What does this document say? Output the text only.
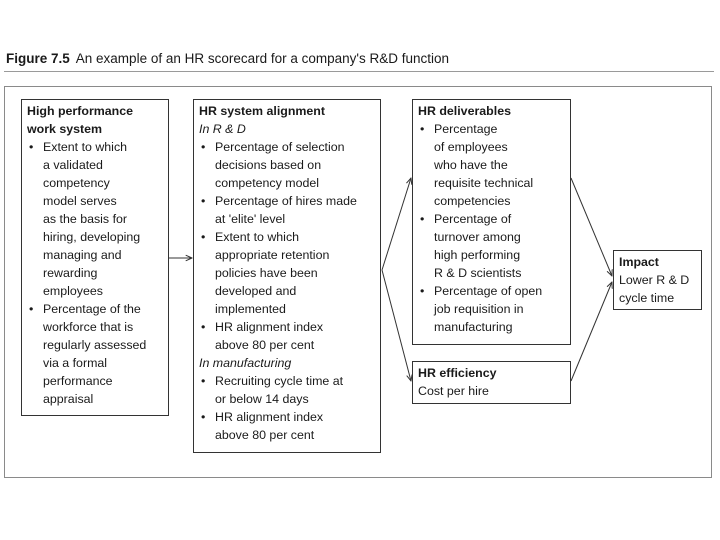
Figure 7.5 An example of an HR scorecard for a company's R&D function
High performance
work system
• Extent to which
a validated
competency
model serves
as the basis for
hiring, developing
managing and
rewarding
employees
• Percentage of the
workforce that is
regularly assessed
via a formal
performance
appraisal
HR system alignment
In R & D
• Percentage of selection
decisions based on
competency model
• Percentage of hires made
at 'elite' level
• Extent to which
appropriate retention
policies have been
developed and
implemented
• HR alignment index
above 80 per cent
In manufacturing
• Recruiting cycle time at
or below 14 days
• HR alignment index
above 80 per cent
HR deliverables
• Percentage
of employees
who have the
requisite technical
competencies
• Percentage of
turnover among
high performing
R & D scientists
• Percentage of open
job requisition in
manufacturing
HR efficiency
Cost per hire
Impact
Lower R & D
cycle time
